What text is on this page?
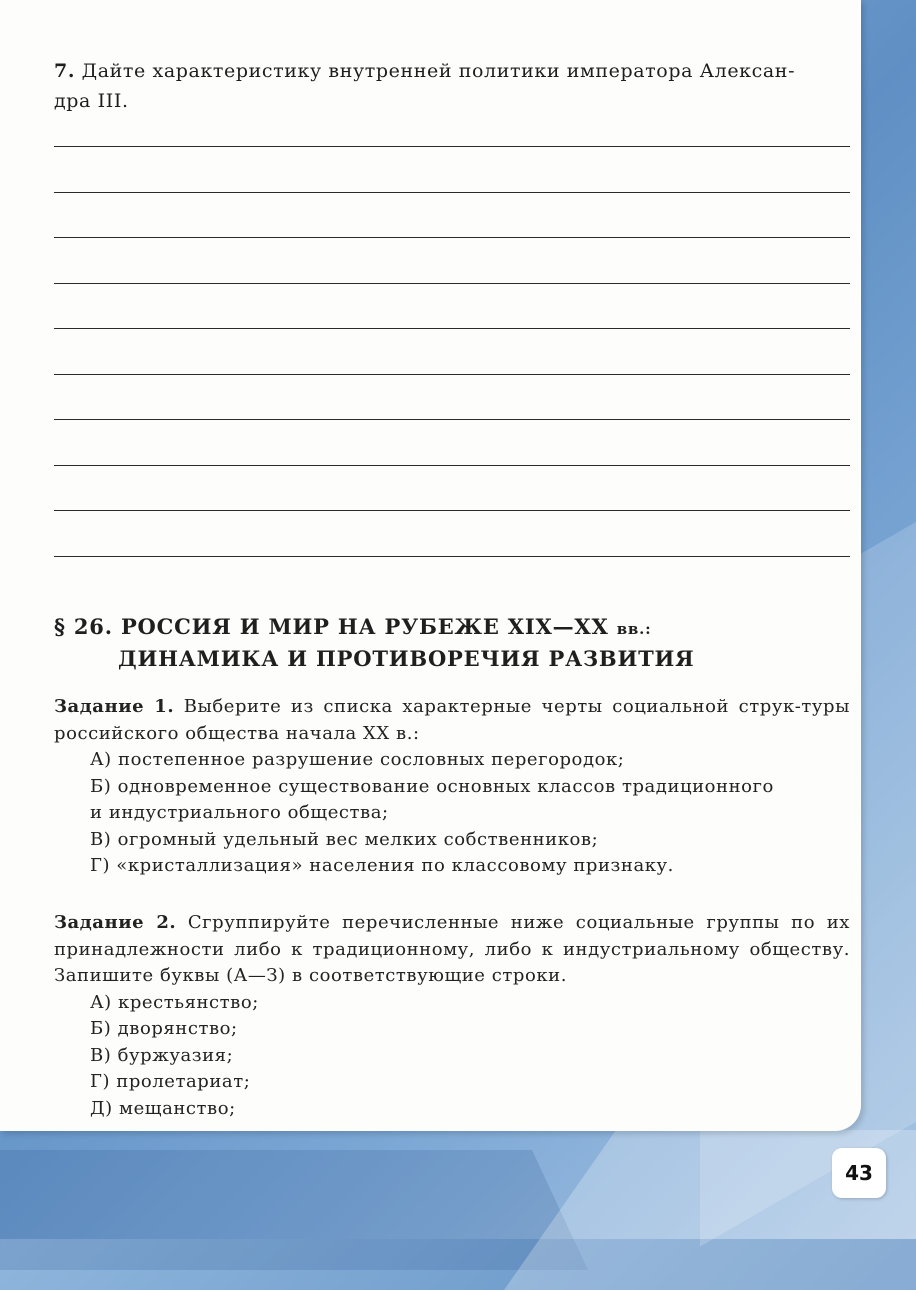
7. Дайте характеристику внутренней политики императора Алексан-
дра III.
§ 26. РОССИЯ И МИР НА РУБЕЖЕ XIX—XX вв.:
ДИНАМИКА И ПРОТИВОРЕЧИЯ РАЗВИТИЯ
Задание 1. Выберите из списка характерные черты социальной струк-туры российского общества начала XX в.:
А) постепенное разрушение сословных перегородок;
Б) одновременное существование основных классов традиционного
и индустриального общества;
В) огромный удельный вес мелких собственников;
Г) «кристаллизация» населения по классовому признаку.
Задание 2. Сгруппируйте перечисленные ниже социальные группы по их принадлежности либо к традиционному, либо к индустриальному обществу. Запишите буквы (А—З) в соответствующие строки.
А) крестьянство;
Б) дворянство;
В) буржуазия;
Г) пролетариат;
Д) мещанство;
43
